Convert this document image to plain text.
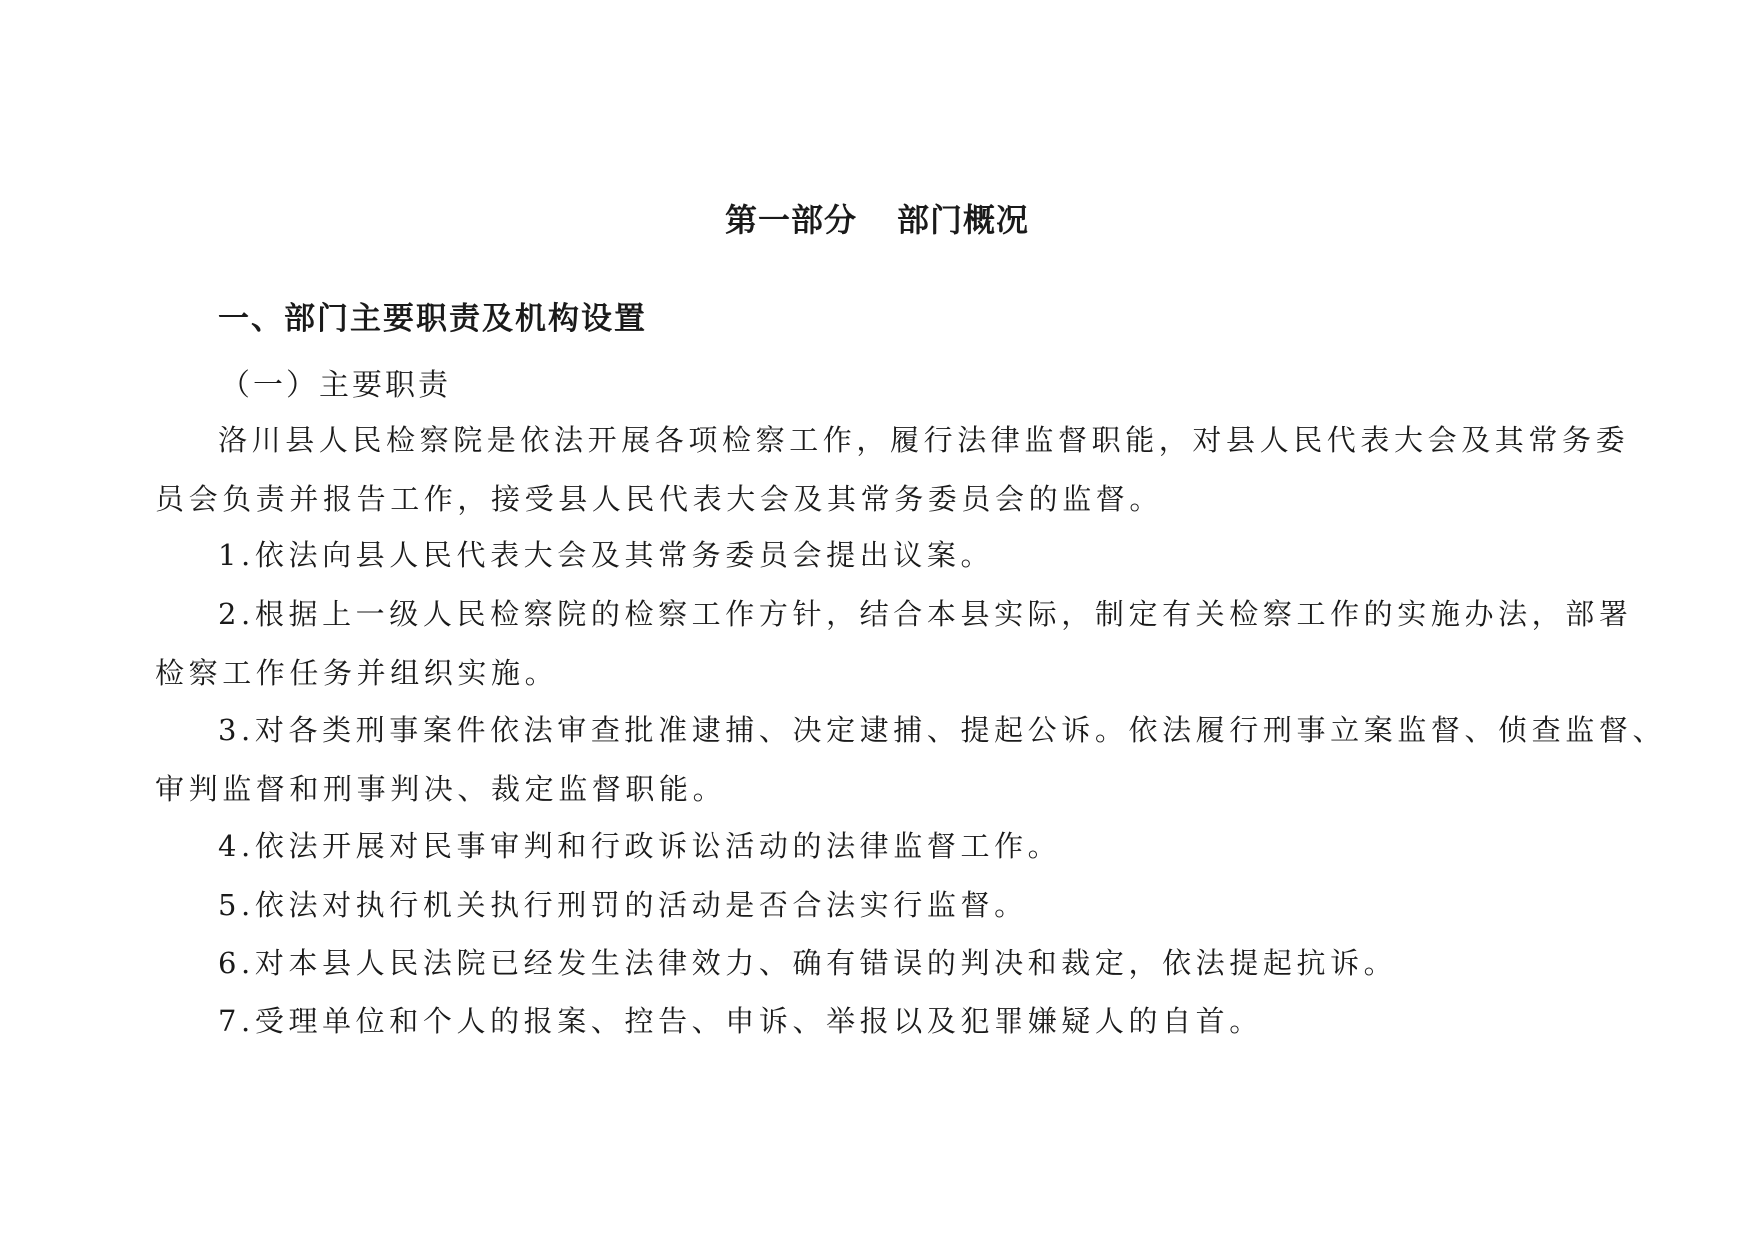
第一部分 部门概况
一、部门主要职责及机构设置
（一）主要职责

洛川县人民检察院是依法开展各项检察工作，履行法律监督职能，对县人民代表大会及其常务委
员会负责并报告工作，接受县人民代表大会及其常务委员会的监督。

1.依法向县人民代表大会及其常务委员会提出议案。

2.根据上一级人民检察院的检察工作方针，结合本县实际，制定有关检察工作的实施办法，部署
检察工作任务并组织实施。

3.对各类刑事案件依法审查批准逮捕、决定逮捕、提起公诉。依法履行刑事立案监督、侦查监督、
审判监督和刑事判决、裁定监督职能。

4.依法开展对民事审判和行政诉讼活动的法律监督工作。

5.依法对执行机关执行刑罚的活动是否合法实行监督。

6.对本县人民法院已经发生法律效力、确有错误的判决和裁定，依法提起抗诉。

7.受理单位和个人的报案、控告、申诉、举报以及犯罪嫌疑人的自首。
